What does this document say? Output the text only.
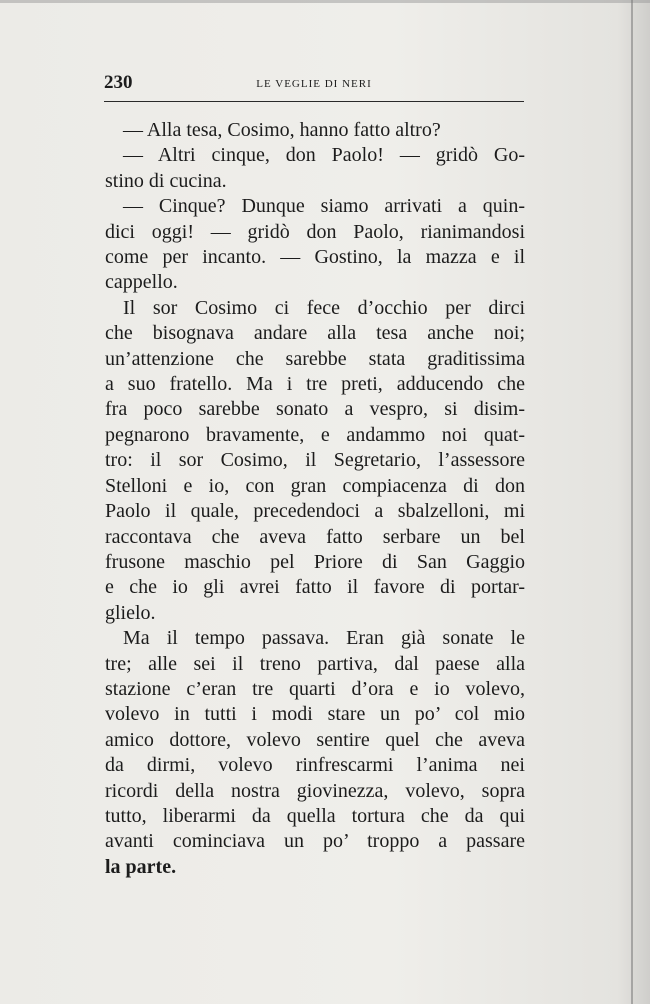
230	LE VEGLIE DI NERI

— Alla tesa, Cosimo, hanno fatto altro?

— Altri cinque, don Paolo! — gridò Go-
stino di cucina.

— Cinque? Dunque siamo arrivati a quin-
dici oggi! — gridò don Paolo, rianimandosi
come per incanto. — Gostino, la mazza e il
cappello.

Il sor Cosimo ci fece d’occhio per dirci
che bisognava andare alla tesa anche noi;
un’attenzione che sarebbe stata graditissima
a suo fratello. Ma i tre preti, adducendo che
fra poco sarebbe sonato a vespro, si disim-
pegnarono bravamente, e andammo noi quat-
tro: il sor Cosimo, il Segretario, l’assessore
Stelloni e io, con gran compiacenza di don
Paolo il quale, precedendoci a sbalzelloni, mi
raccontava che aveva fatto serbare un bel
frusone maschio pel Priore di San Gaggio
e che io gli avrei fatto il favore di portar-
glielo.

Ma il tempo passava. Eran già sonate le
tre; alle sei il treno partiva, dal paese alla
stazione c’eran tre quarti d’ora e io volevo,
volevo in tutti i modi stare un po’ col mio
amico dottore, volevo sentire quel che aveva
da dirmi, volevo rinfrescarmi l’anima nei
ricordi della nostra giovinezza, volevo, sopra
tutto, liberarmi da quella tortura che da qui
avanti cominciava un po’ troppo a passare
la parte.
